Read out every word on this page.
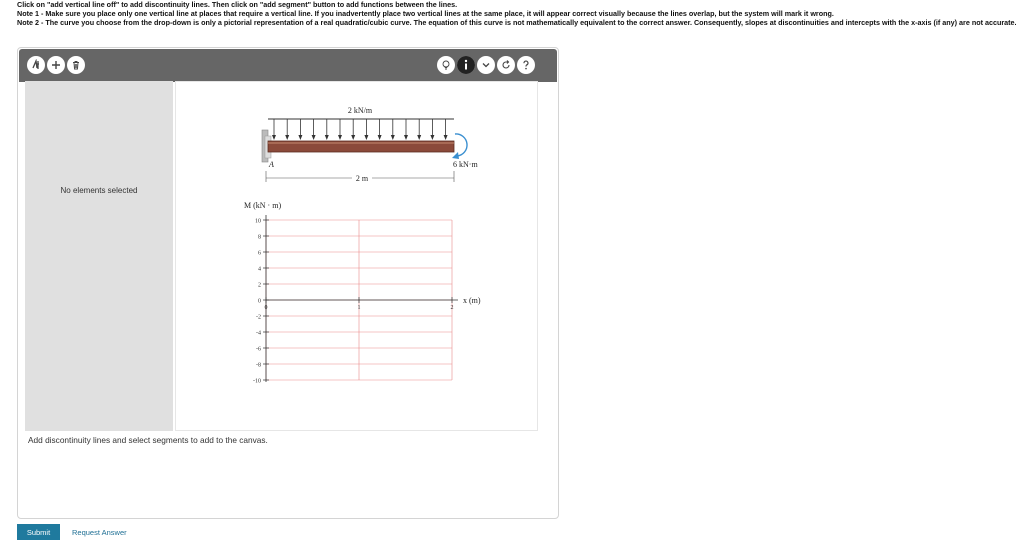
Click on "add vertical line off" to add discontinuity lines. Then click on "add segment" button to add functions between the lines.
Note 1 - Make sure you place only one vertical line at places that require a vertical line. If you inadvertently place two vertical lines at the same place, it will appear correct visually because the lines overlap, but the system will mark it wrong.
Note 2 - The curve you choose from the drop-down is only a pictorial representation of a real quadratic/cubic curve. The equation of this curve is not mathematically equivalent to the correct answer. Consequently, slopes at discontinuities and intercepts with the x-axis (if any) are not accurate.
No elements selected
2 kN/m
A	6 kN·m
2 m
M (kN · m)
10
8
6
4
2
0
-2
-4
-6
-8
-10
0	1	2
x (m)
Add discontinuity lines and select segments to add to the canvas.
Submit	Request Answer
